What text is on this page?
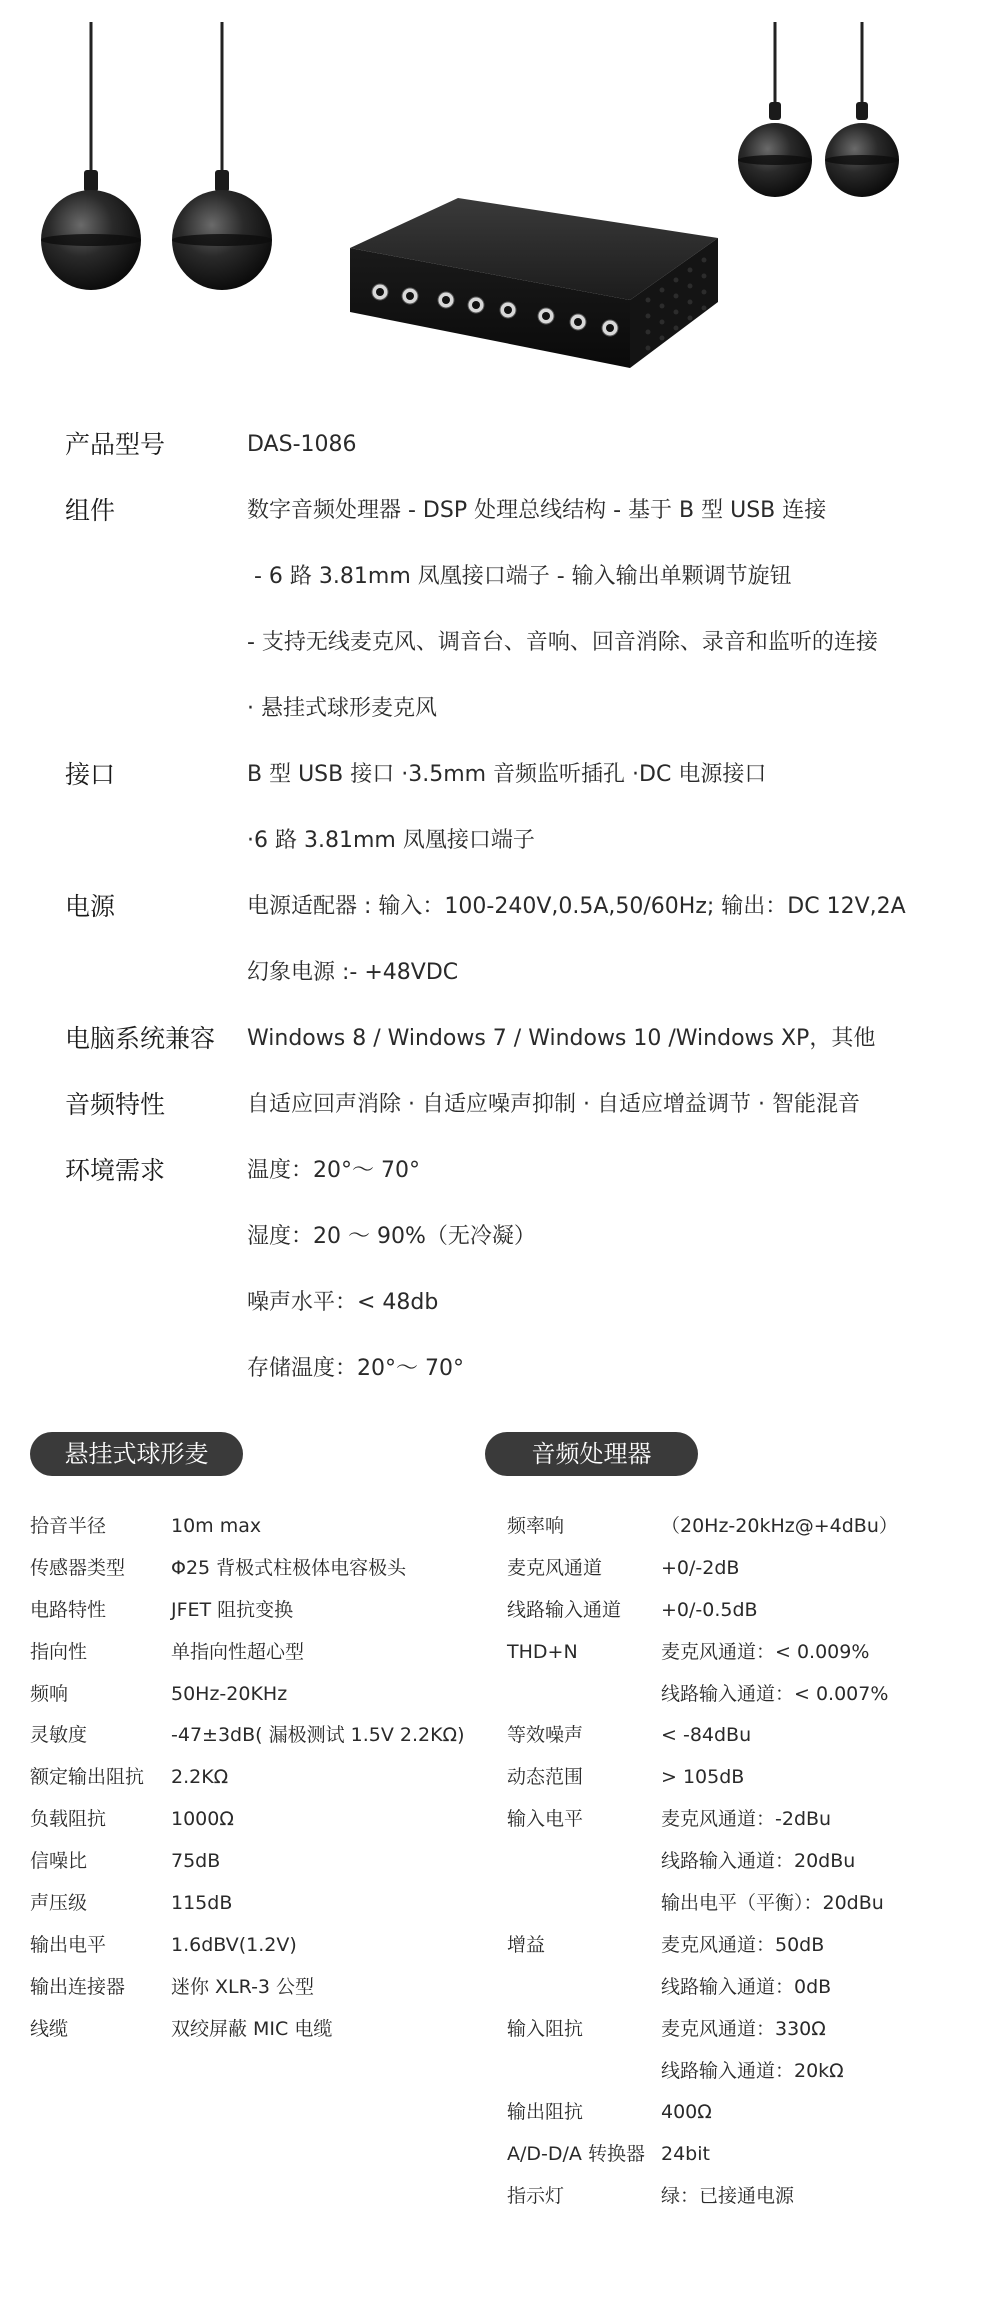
产品型号	DAS-1086
组件	数字音频处理器 - DSP 处理总线结构 - 基于 B 型 USB 连接
- 6 路 3.81mm 凤凰接口端子 - 输入输出单颗调节旋钮
- 支持无线麦克风、调音台、音响、回音消除、录音和监听的连接
· 悬挂式球形麦克风
接口	B 型 USB 接口 ·3.5mm 音频监听插孔 ·DC 电源接口
·6 路 3.81mm 凤凰接口端子
电源	电源适配器 : 输入：100-240V,0.5A,50/60Hz; 输出：DC 12V,2A
幻象电源 :- +48VDC
电脑系统兼容	Windows 8 / Windows 7 / Windows 10 /Windows XP，其他
音频特性	自适应回声消除 · 自适应噪声抑制 · 自适应增益调节 · 智能混音
环境需求	温度：20°～ 70°
湿度：20 ～ 90%（无冷凝）
噪声水平：< 48db
存储温度：20°～ 70°
悬挂式球形麦	音频处理器
拾音半径	10m max
传感器类型 Φ25 背极式柱极体电容极头
电路特性	JFET 阻抗变换
指向性	单指向性超心型
频响	50Hz-20KHz
灵敏度	-47±3dB( 漏极测试 1.5V 2.2KΩ)
额定输出阻抗 2.2KΩ
负载阻抗	1000Ω
信噪比	75dB
声压级	115dB
输出电平	1.6dBV(1.2V)
输出连接器 迷你 XLR-3 公型
线缆	双绞屏蔽 MIC 电缆
频率响	（20Hz-20kHz@+4dBu）
麦克风通道	+0/-2dB
线路输入通道 +0/-0.5dB
THD+N	麦克风通道：< 0.009%
线路输入通道：< 0.007%
等效噪声	< -84dBu
动态范围	> 105dB
输入电平	麦克风通道：-2dBu
线路输入通道：20dBu
输出电平（平衡）：20dBu
增益	麦克风通道：50dB
线路输入通道：0dB
输入阻抗	麦克风通道：330Ω
线路输入通道：20kΩ
输出阻抗	400Ω
A/D-D/A 转换器 24bit
指示灯	绿：已接通电源
